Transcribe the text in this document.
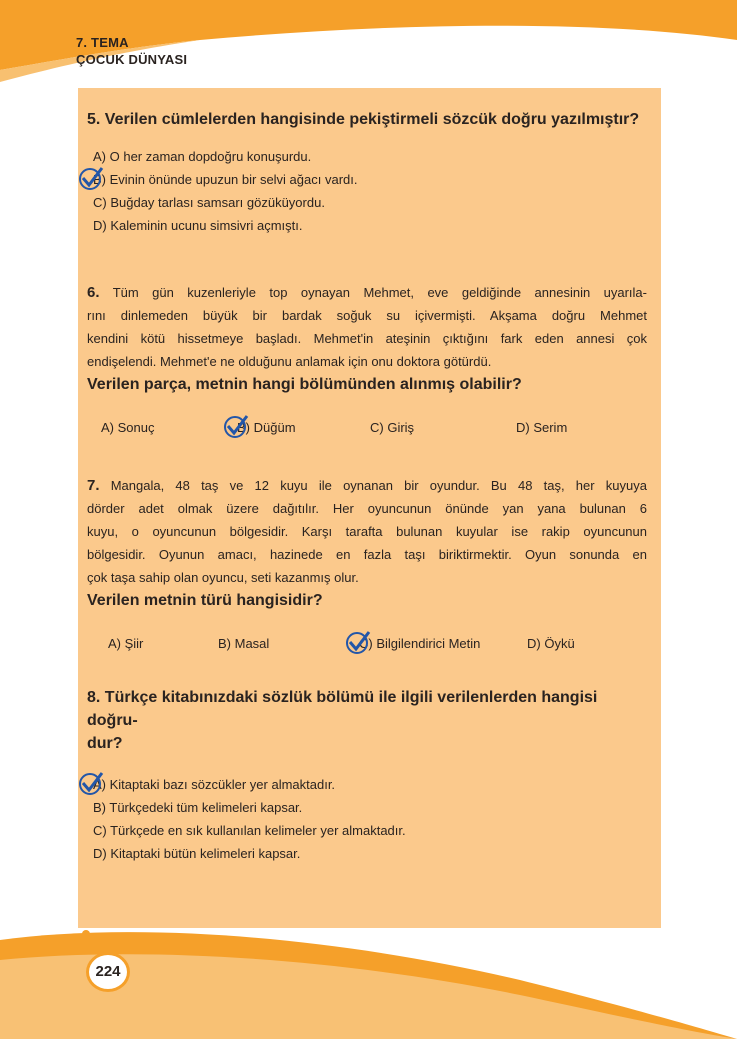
7. TEMA
ÇOCUK DÜNYASI
5. Verilen cümlelerden hangisinde pekiştirmeli sözcük doğru yazılmıştır?
A) O her zaman dopdoğru konuşurdu.
B) Evinin önünde upuzun bir selvi ağacı vardı.
C) Buğday tarlası samsarı gözüküyordu.
D) Kaleminin ucunu simsivri açmıştı.
6. Tüm gün kuzenleriyle top oynayan Mehmet, eve geldiğinde annesinin uyarıla-
rını dinlemeden büyük bir bardak soğuk su içivermişti. Akşama doğru Mehmet
kendini kötü hissetmeye başladı. Mehmet'in ateşinin çıktığını fark eden annesi çok
endişelendi. Mehmet'e ne olduğunu anlamak için onu doktora götürdü.
Verilen parça, metnin hangi bölümünden alınmış olabilir?
A) Sonuç	B) Düğüm	C) Giriş	D) Serim
7. Mangala, 48 taş ve 12 kuyu ile oynanan bir oyundur. Bu 48 taş, her kuyuya
dörder adet olmak üzere dağıtılır. Her oyuncunun önünde yan yana bulunan 6
kuyu, o oyuncunun bölgesidir. Karşı tarafta bulunan kuyular ise rakip oyuncunun
bölgesidir. Oyunun amacı, hazinede en fazla taşı biriktirmektir. Oyun sonunda en
çok taşa sahip olan oyuncu, seti kazanmış olur.
Verilen metnin türü hangisidir?
A) Şiir	B) Masal	C) Bilgilendirici Metin	D) Öykü
8. Türkçe kitabınızdaki sözlük bölümü ile ilgili verilenlerden hangisi doğru-
dur?
A) Kitaptaki bazı sözcükler yer almaktadır.
B) Türkçedeki tüm kelimeleri kapsar.
C) Türkçede en sık kullanılan kelimeler yer almaktadır.
D) Kitaptaki bütün kelimeleri kapsar.
224
